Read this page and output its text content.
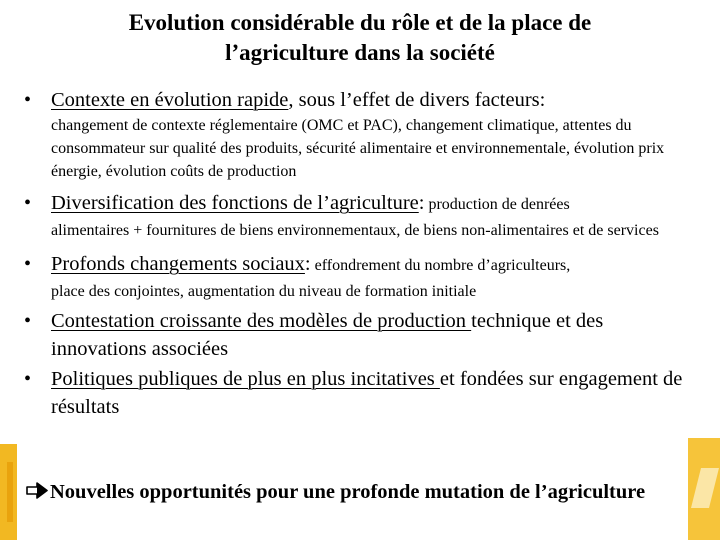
Evolution considérable du rôle et de la place de
l’agriculture dans la société
• Contexte en évolution rapide, sous l’effet de divers facteurs:
changement de contexte réglementaire (OMC et PAC), changement climatique, attentes du consommateur sur qualité des produits, sécurité alimentaire et environnementale, évolution prix énergie, évolution coûts de production
• Diversification des fonctions de l’agriculture: production de denrées
alimentaires + fournitures de biens environnementaux, de biens non-alimentaires et de services
• Profonds changements sociaux: effondrement du nombre d’agriculteurs,
place des conjointes, augmentation du niveau de formation initiale
• Contestation croissante des modèles de production technique et des innovations associées
• Politiques publiques de plus en plus incitatives et fondées sur engagement de résultats
Nouvelles opportunités pour une profonde mutation de l’agriculture
